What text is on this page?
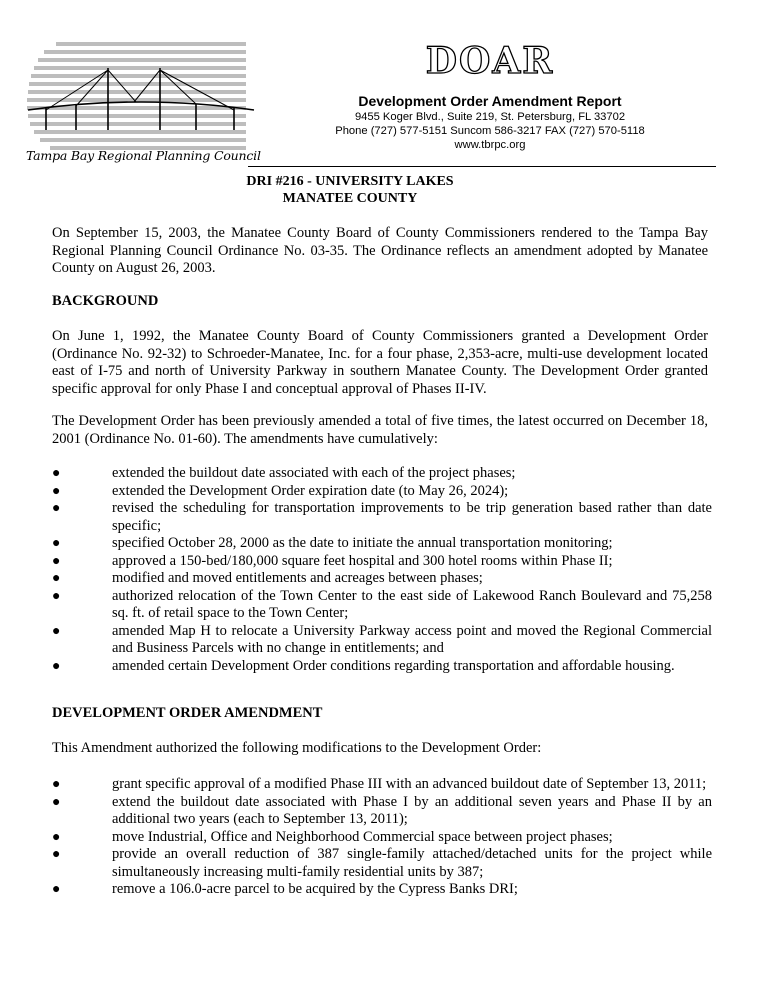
Tampa Bay Regional Planning Council
DOAR
Development Order Amendment Report
9455 Koger Blvd., Suite 219, St. Petersburg, FL 33702
Phone (727) 577-5151 Suncom 586-3217 FAX (727) 570-5118
www.tbrpc.org
DRI #216 - UNIVERSITY LAKES
MANATEE COUNTY
On September 15, 2003, the Manatee County Board of County Commissioners rendered to the Tampa Bay Regional Planning Council Ordinance No. 03-35. The Ordinance reflects an amendment adopted by Manatee County on August 26, 2003.
BACKGROUND
On June 1, 1992, the Manatee County Board of County Commissioners granted a Development Order (Ordinance No. 92-32) to Schroeder-Manatee, Inc. for a four phase, 2,353-acre, multi-use development located east of I-75 and north of University Parkway in southern Manatee County. The Development Order granted specific approval for only Phase I and conceptual approval of Phases II-IV.
The Development Order has been previously amended a total of five times, the latest occurred on December 18, 2001 (Ordinance No. 01-60). The amendments have cumulatively:
●	extended the buildout date associated with each of the project phases;
●	extended the Development Order expiration date (to May 26, 2024);
●	revised the scheduling for transportation improvements to be trip generation based rather than date specific;
●	specified October 28, 2000 as the date to initiate the annual transportation monitoring;
●	approved a 150-bed/180,000 square feet hospital and 300 hotel rooms within Phase II;
●	modified and moved entitlements and acreages between phases;
●	authorized relocation of the Town Center to the east side of Lakewood Ranch Boulevard and 75,258 sq. ft. of retail space to the Town Center;
●	amended Map H to relocate a University Parkway access point and moved the Regional Commercial and Business Parcels with no change in entitlements; and
●	amended certain Development Order conditions regarding transportation and affordable housing.
DEVELOPMENT ORDER AMENDMENT
This Amendment authorized the following modifications to the Development Order:
●	grant specific approval of a modified Phase III with an advanced buildout date of September 13, 2011;
●	extend the buildout date associated with Phase I by an additional seven years and Phase II by an additional two years (each to September 13, 2011);
●	move Industrial, Office and Neighborhood Commercial space between project phases;
●	provide an overall reduction of 387 single-family attached/detached units for the project while simultaneously increasing multi-family residential units by 387;
●	remove a 106.0-acre parcel to be acquired by the Cypress Banks DRI;
